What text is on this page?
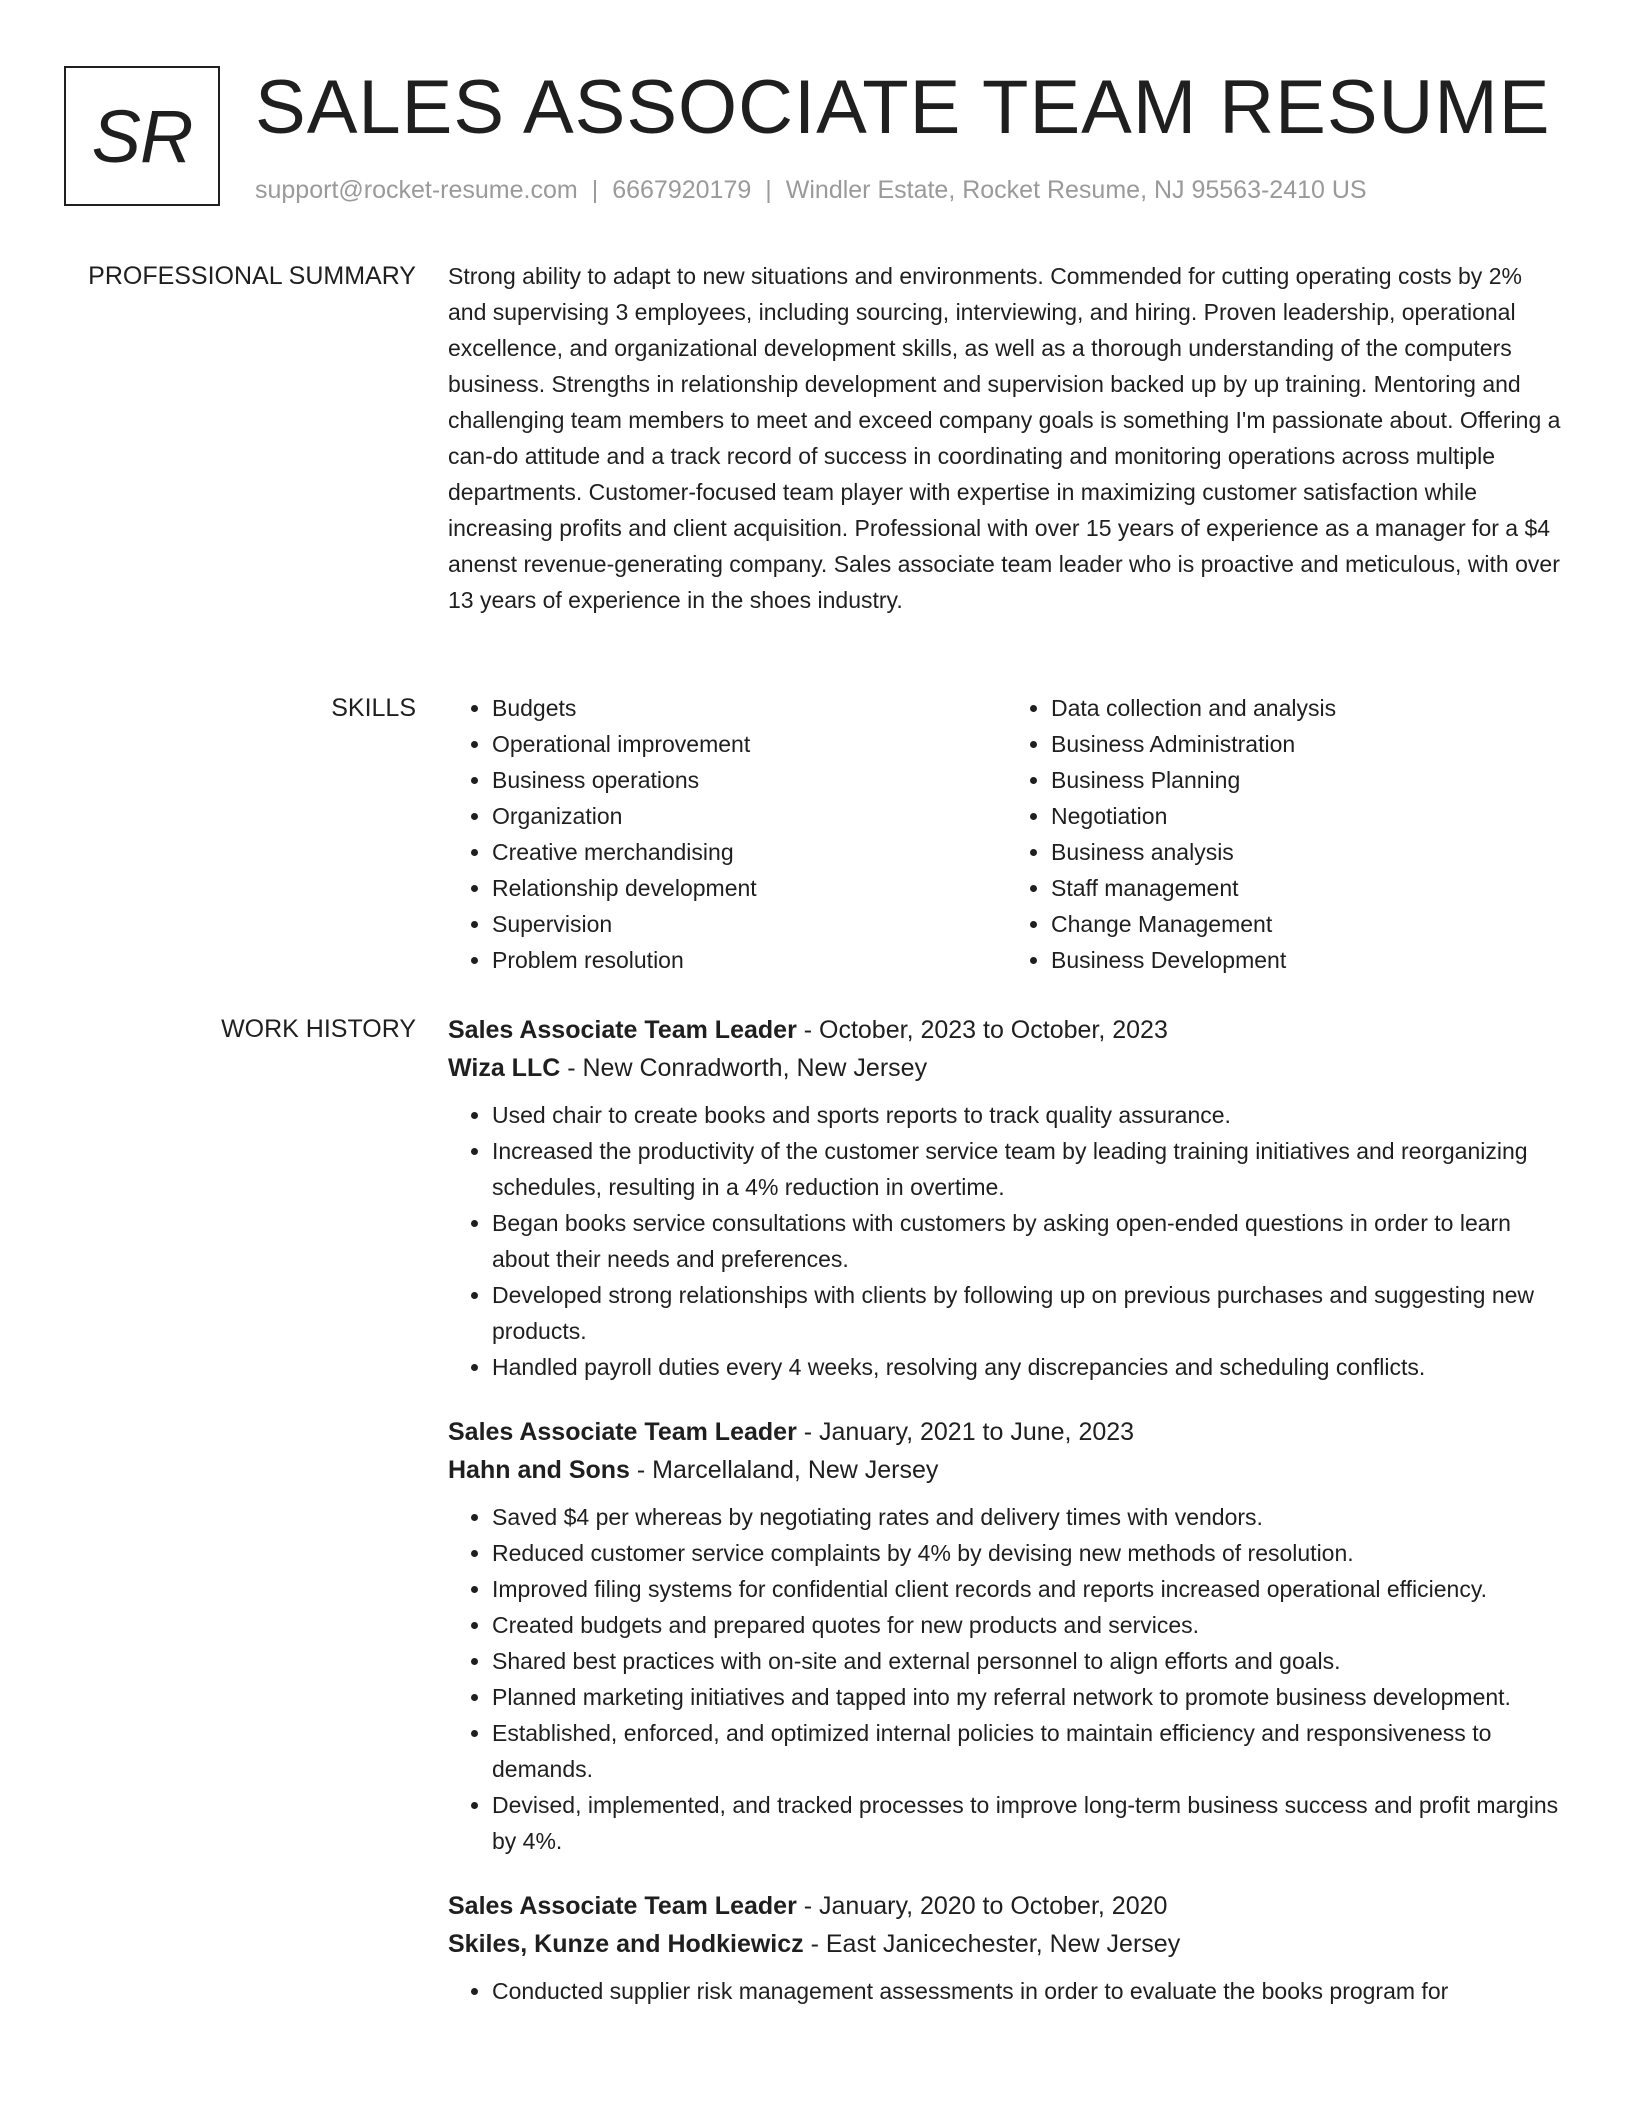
SR SALES ASSOCIATE TEAM RESUME
support@rocket-resume.com | 6667920179 | Windler Estate, Rocket Resume, NJ 95563-2410 US
PROFESSIONAL SUMMARY Strong ability to adapt to new situations and environments. Commended for cutting operating costs by 2% and supervising 3 employees, including sourcing, interviewing, and hiring. Proven leadership, operational excellence, and organizational development skills, as well as a thorough understanding of the computers business. Strengths in relationship development and supervision backed up by up training. Mentoring and challenging team members to meet and exceed company goals is something I'm passionate about. Offering a can-do attitude and a track record of success in coordinating and monitoring operations across multiple departments. Customer-focused team player with expertise in maximizing customer satisfaction while increasing profits and client acquisition. Professional with over 15 years of experience as a manager for a $4 anenst revenue-generating company. Sales associate team leader who is proactive and meticulous, with over 13 years of experience in the shoes industry.

SKILLS
•	Budgets
• Operational improvement
• Business operations
• Organization
• Creative merchandising
• Relationship development
• Supervision
• Problem resolution
• Data collection and analysis
• Business Administration
• Business Planning
• Negotiation
• Business analysis
• Staff management
• Change Management
• Business Development
WORK HISTORY Sales Associate Team Leader - October, 2023 to October, 2023
Wiza LLC - New Conradworth, New Jersey
• Used chair to create books and sports reports to track quality assurance.
• Increased the productivity of the customer service team by leading training initiatives and reorganizing schedules, resulting in a 4% reduction in overtime.
• Began books service consultations with customers by asking open-ended questions in order to learn about their needs and preferences.
• Developed strong relationships with clients by following up on previous purchases and suggesting new products.
• Handled payroll duties every 4 weeks, resolving any discrepancies and scheduling conflicts.
Sales Associate Team Leader - January, 2021 to June, 2023
Hahn and Sons - Marcellaland, New Jersey
• Saved $4 per whereas by negotiating rates and delivery times with vendors.
• Reduced customer service complaints by 4% by devising new methods of resolution.
• Improved filing systems for confidential client records and reports increased operational efficiency.
• Created budgets and prepared quotes for new products and services.
• Shared best practices with on-site and external personnel to align efforts and goals.
• Planned marketing initiatives and tapped into my referral network to promote business development.
• Established, enforced, and optimized internal policies to maintain efficiency and responsiveness to demands.
• Devised, implemented, and tracked processes to improve long-term business success and profit margins by 4%.
Sales Associate Team Leader - January, 2020 to October, 2020
Skiles, Kunze and Hodkiewicz - East Janicechester, New Jersey
• Conducted supplier risk management assessments in order to evaluate the books program for
